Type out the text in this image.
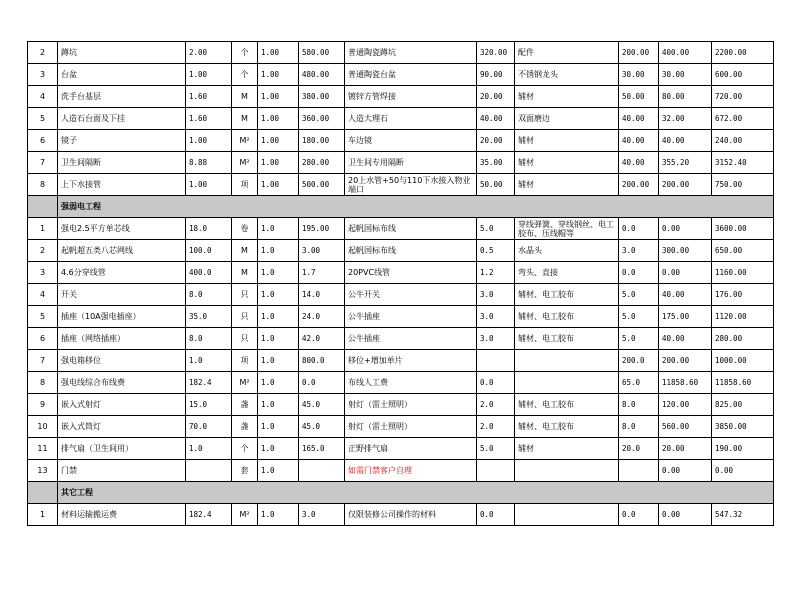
2	蹲坑	2.00	个	1.00	580.00	普通陶瓷蹲坑	320.00	配件	200.00	400.00	2200.00
3	台盆	1.00	个	1.00	480.00	普通陶瓷台盆	90.00	不锈钢龙头	30.00	30.00	600.00
4	洗手台基层	1.60	M	1.00	380.00	镀锌方管焊接	20.00	辅材	50.00	80.00	720.00
5	人造石台面及下挂	1.60	M	1.00	360.00	人造大理石	40.00	双面磨边	40.00	32.00	672.00
6	镜子	1.00	M²	1.00	180.00	车边镜	20.00	辅材	40.00	40.00	240.00
7	卫生间隔断	8.88	M²	1.00	280.00	卫生间专用隔断	35.00	辅材	40.00	355.20	3152.40
8	上下水接管	1.00	项	1.00	500.00	20上水管+50与110下水接入物业端口	50.00	辅材	200.00	200.00	750.00
	强弱电工程										
1	强电2.5平方单芯线	18.0	卷	1.0	195.00	起帆国标布线	5.0	穿线弹簧、穿线钢丝、电工胶布、压线帽等	0.0	0.00	3600.00
2	起帆超五类八芯网线	100.0	M	1.0	3.00	起帆国标布线	0.5	水晶头	3.0	300.00	650.00
3	4.6分穿线管	400.0	M	1.0	1.7	20PVC线管	1.2	弯头、直接	0.0	0.00	1160.00
4	开关	8.0	只	1.0	14.0	公牛开关	3.0	辅材、电工胶布	5.0	40.00	176.00
5	插座（10A强电插座）	35.0	只	1.0	24.0	公牛插座	3.0	辅材、电工胶布	5.0	175.00	1120.00
6	插座（网络插座）	8.0	只	1.0	42.0	公牛插座	3.0	辅材、电工胶布	5.0	40.00	280.00
7	强电箱移位	1.0	项	1.0	800.0	移位+增加单片			200.0	200.00	1000.00
8	强电线综合布线费	182.4	M²	1.0	0.0	布线人工费	0.0		65.0	11858.60	11858.60
9	嵌入式射灯	15.0	盏	1.0	45.0	射灯（雷士照明）	2.0	辅材、电工胶布	8.0	120.00	825.00
10	嵌入式筒灯	70.0	盏	1.0	45.0	射灯（雷士照明）	2.0	辅材、电工胶布	8.0	560.00	3850.00
11	排气扇（卫生间用）	1.0	个	1.0	165.0	正野排气扇	5.0	辅材	20.0	20.00	190.00
13	门禁		套	1.0		如需门禁客户自理				0.00	0.00
	其它工程										
1	材料运输搬运费	182.4	M²	1.0	3.0	仅限装修公司操作的材料	0.0		0.0	0.00	547.32
